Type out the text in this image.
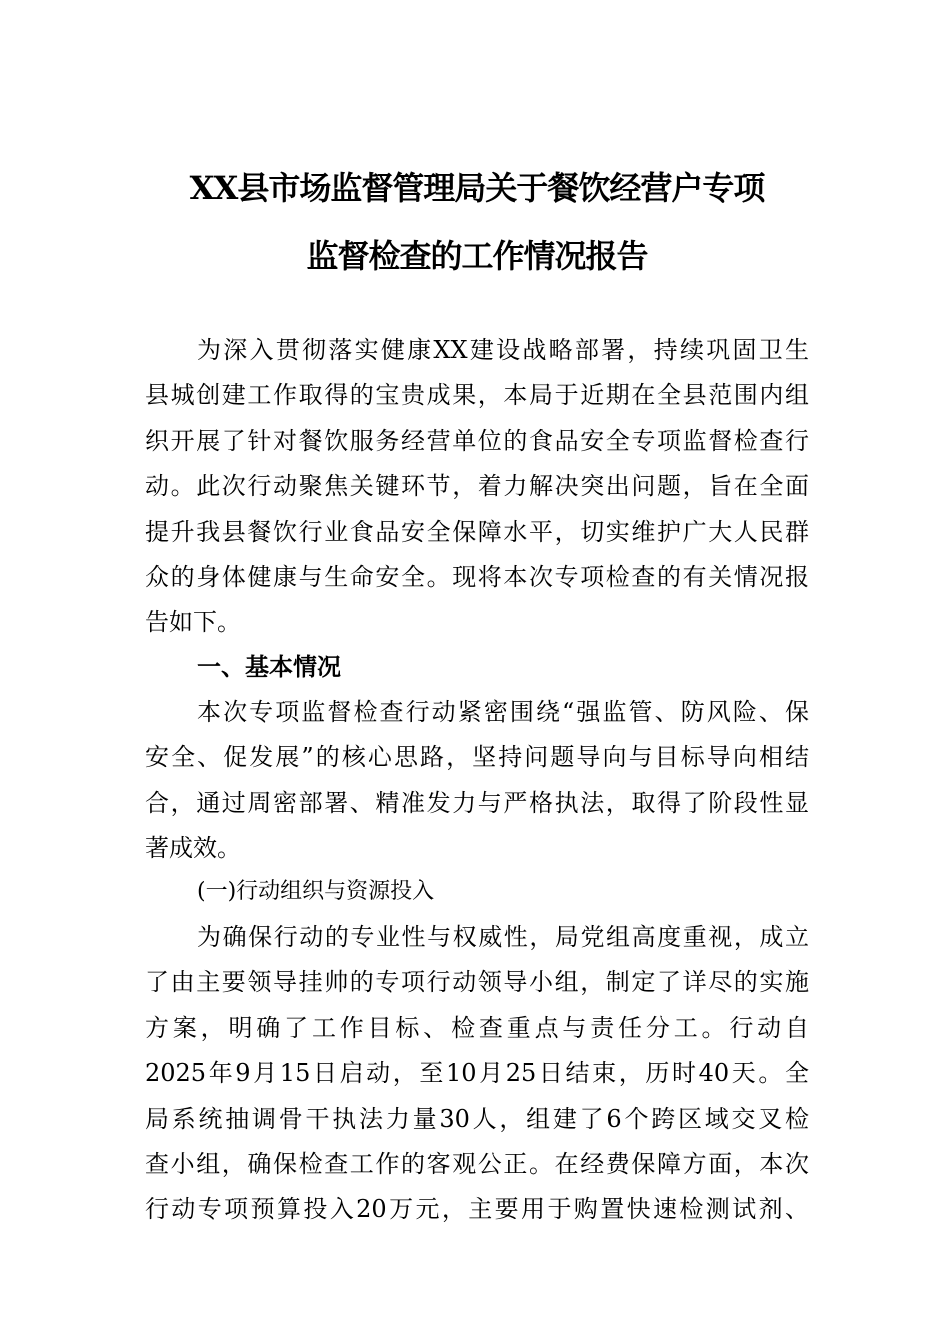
XX县市场监督管理局关于餐饮经营户专项
监督检查的工作情况报告
为深入贯彻落实健康XX建设战略部署，持续巩固卫生
县城创建工作取得的宝贵成果，本局于近期在全县范围内组
织开展了针对餐饮服务经营单位的食品安全专项监督检查行
动。此次行动聚焦关键环节，着力解决突出问题，旨在全面
提升我县餐饮行业食品安全保障水平，切实维护广大人民群
众的身体健康与生命安全。现将本次专项检查的有关情况报
告如下。
一、基本情况
本次专项监督检查行动紧密围绕“强监管、防风险、保
安全、促发展”的核心思路，坚持问题导向与目标导向相结
合，通过周密部署、精准发力与严格执法，取得了阶段性显
著成效。
(一)行动组织与资源投入
为确保行动的专业性与权威性，局党组高度重视，成立
了由主要领导挂帅的专项行动领导小组，制定了详尽的实施
方案，明确了工作目标、检查重点与责任分工。行动自
2025年9月15日启动，至10月25日结束，历时40天。全
局系统抽调骨干执法力量30人，组建了6个跨区域交叉检
查小组，确保检查工作的客观公正。在经费保障方面，本次
行动专项预算投入20万元，主要用于购置快速检测试剂、
